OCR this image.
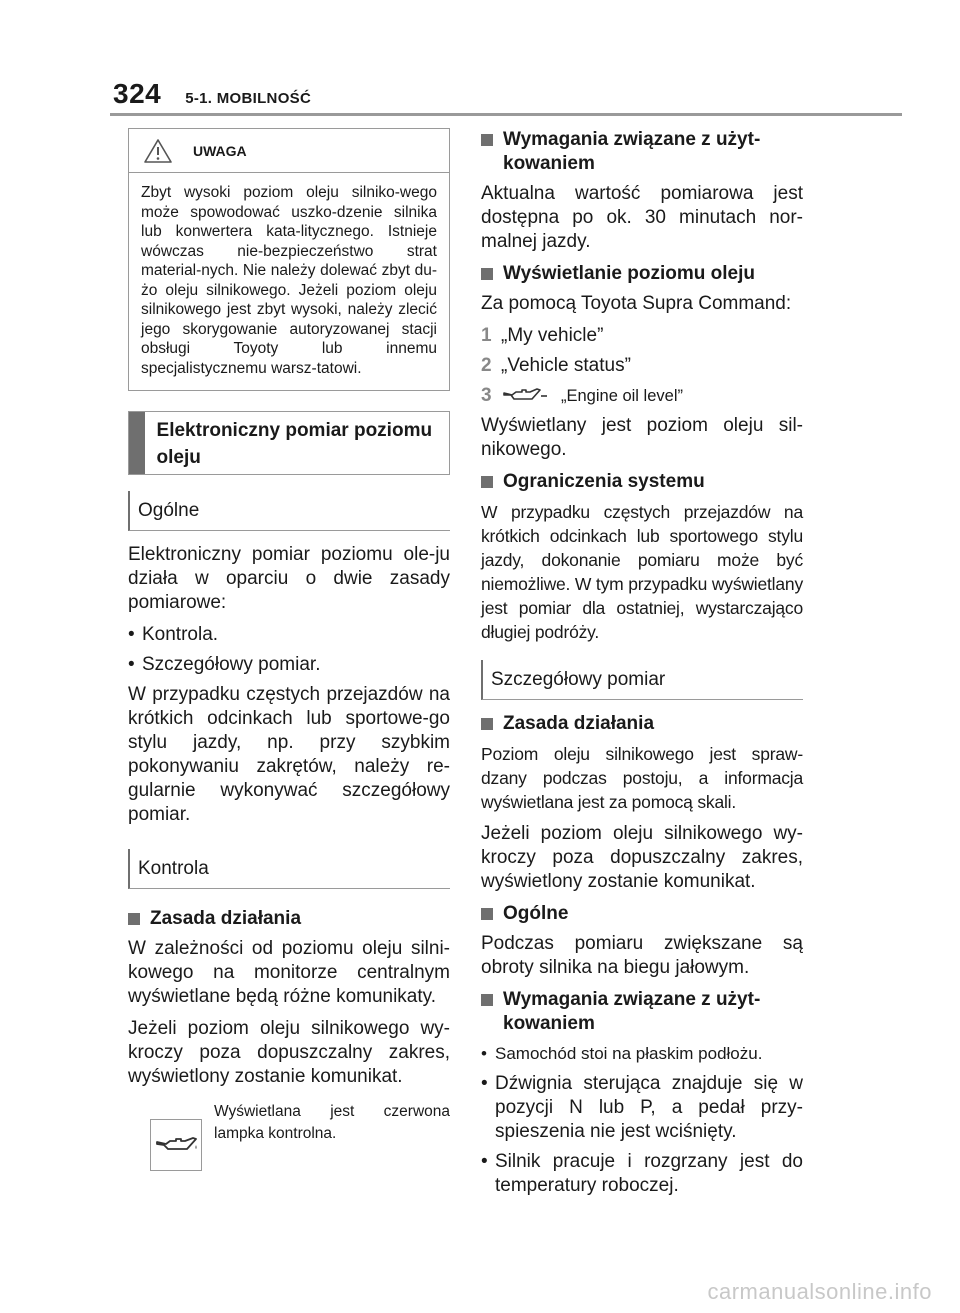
324 5-1. MOBILNOŚĆ
UWAGA
Zbyt wysoki poziom oleju silniko-wego może spowodować uszko-dzenie silnika lub konwertera kata-litycznego. Istnieje wówczas nie-bezpieczeństwo strat material-nych. Nie należy dolewać zbyt du-żo oleju silnikowego. Jeżeli poziom oleju silnikowego jest zbyt wysoki, należy zlecić jego skorygowanie autoryzowanej stacji obsługi Toyoty lub innemu specjalistycznemu warsz-tatowi.
Elektroniczny pomiar poziomu oleju
Ogólne
Elektroniczny pomiar poziomu ole-ju działa w oparciu o dwie zasady pomiarowe:
• Kontrola.
• Szczegółowy pomiar.
W przypadku częstych przejazdów na krótkich odcinkach lub sportowe-go stylu jazdy, np. przy szybkim pokonywaniu zakrętów, należy re-gularnie wykonywać szczegółowy pomiar.
Kontrola
Zasada działania
W zależności od poziomu oleju silni-kowego na monitorze centralnym wyświetlane będą różne komunikaty.
Jeżeli poziom oleju silnikowego wy-kroczy poza dopuszczalny zakres, wyświetlony zostanie komunikat.
Wyświetlana jest czerwona lampka kontrolna.
Wymagania związane z użyt-kowaniem
Aktualna wartość pomiarowa jest dostępna po ok. 30 minutach nor-malnej jazdy.
Wyświetlanie poziomu oleju
Za pomocą Toyota Supra Command:
1 „My vehicle”
2 „Vehicle status”
3	„Engine oil level”
Wyświetlany jest poziom oleju sil-nikowego.
Ograniczenia systemu
W przypadku częstych przejazdów na krótkich odcinkach lub sportowego stylu jazdy, dokonanie pomiaru może być niemożliwe. W tym przypadku wyświetlany jest pomiar dla ostatniej, wystarczająco długiej podróży.
Szczegółowy pomiar
Zasada działania
Poziom oleju silnikowego jest spraw-dzany podczas postoju, a informacja wyświetlana jest za pomocą skali.
Jeżeli poziom oleju silnikowego wy-kroczy poza dopuszczalny zakres, wyświetlony zostanie komunikat.
Ogólne
Podczas pomiaru zwiększane są obroty silnika na biegu jałowym.
Wymagania związane z użyt-kowaniem
• Samochód stoi na płaskim podłożu.
• Dźwignia sterująca znajduje się w pozycji N lub P, a pedał przy-spieszenia nie jest wciśnięty.
• Silnik pracuje i rozgrzany jest do temperatury roboczej.
carmanualsonline.info
